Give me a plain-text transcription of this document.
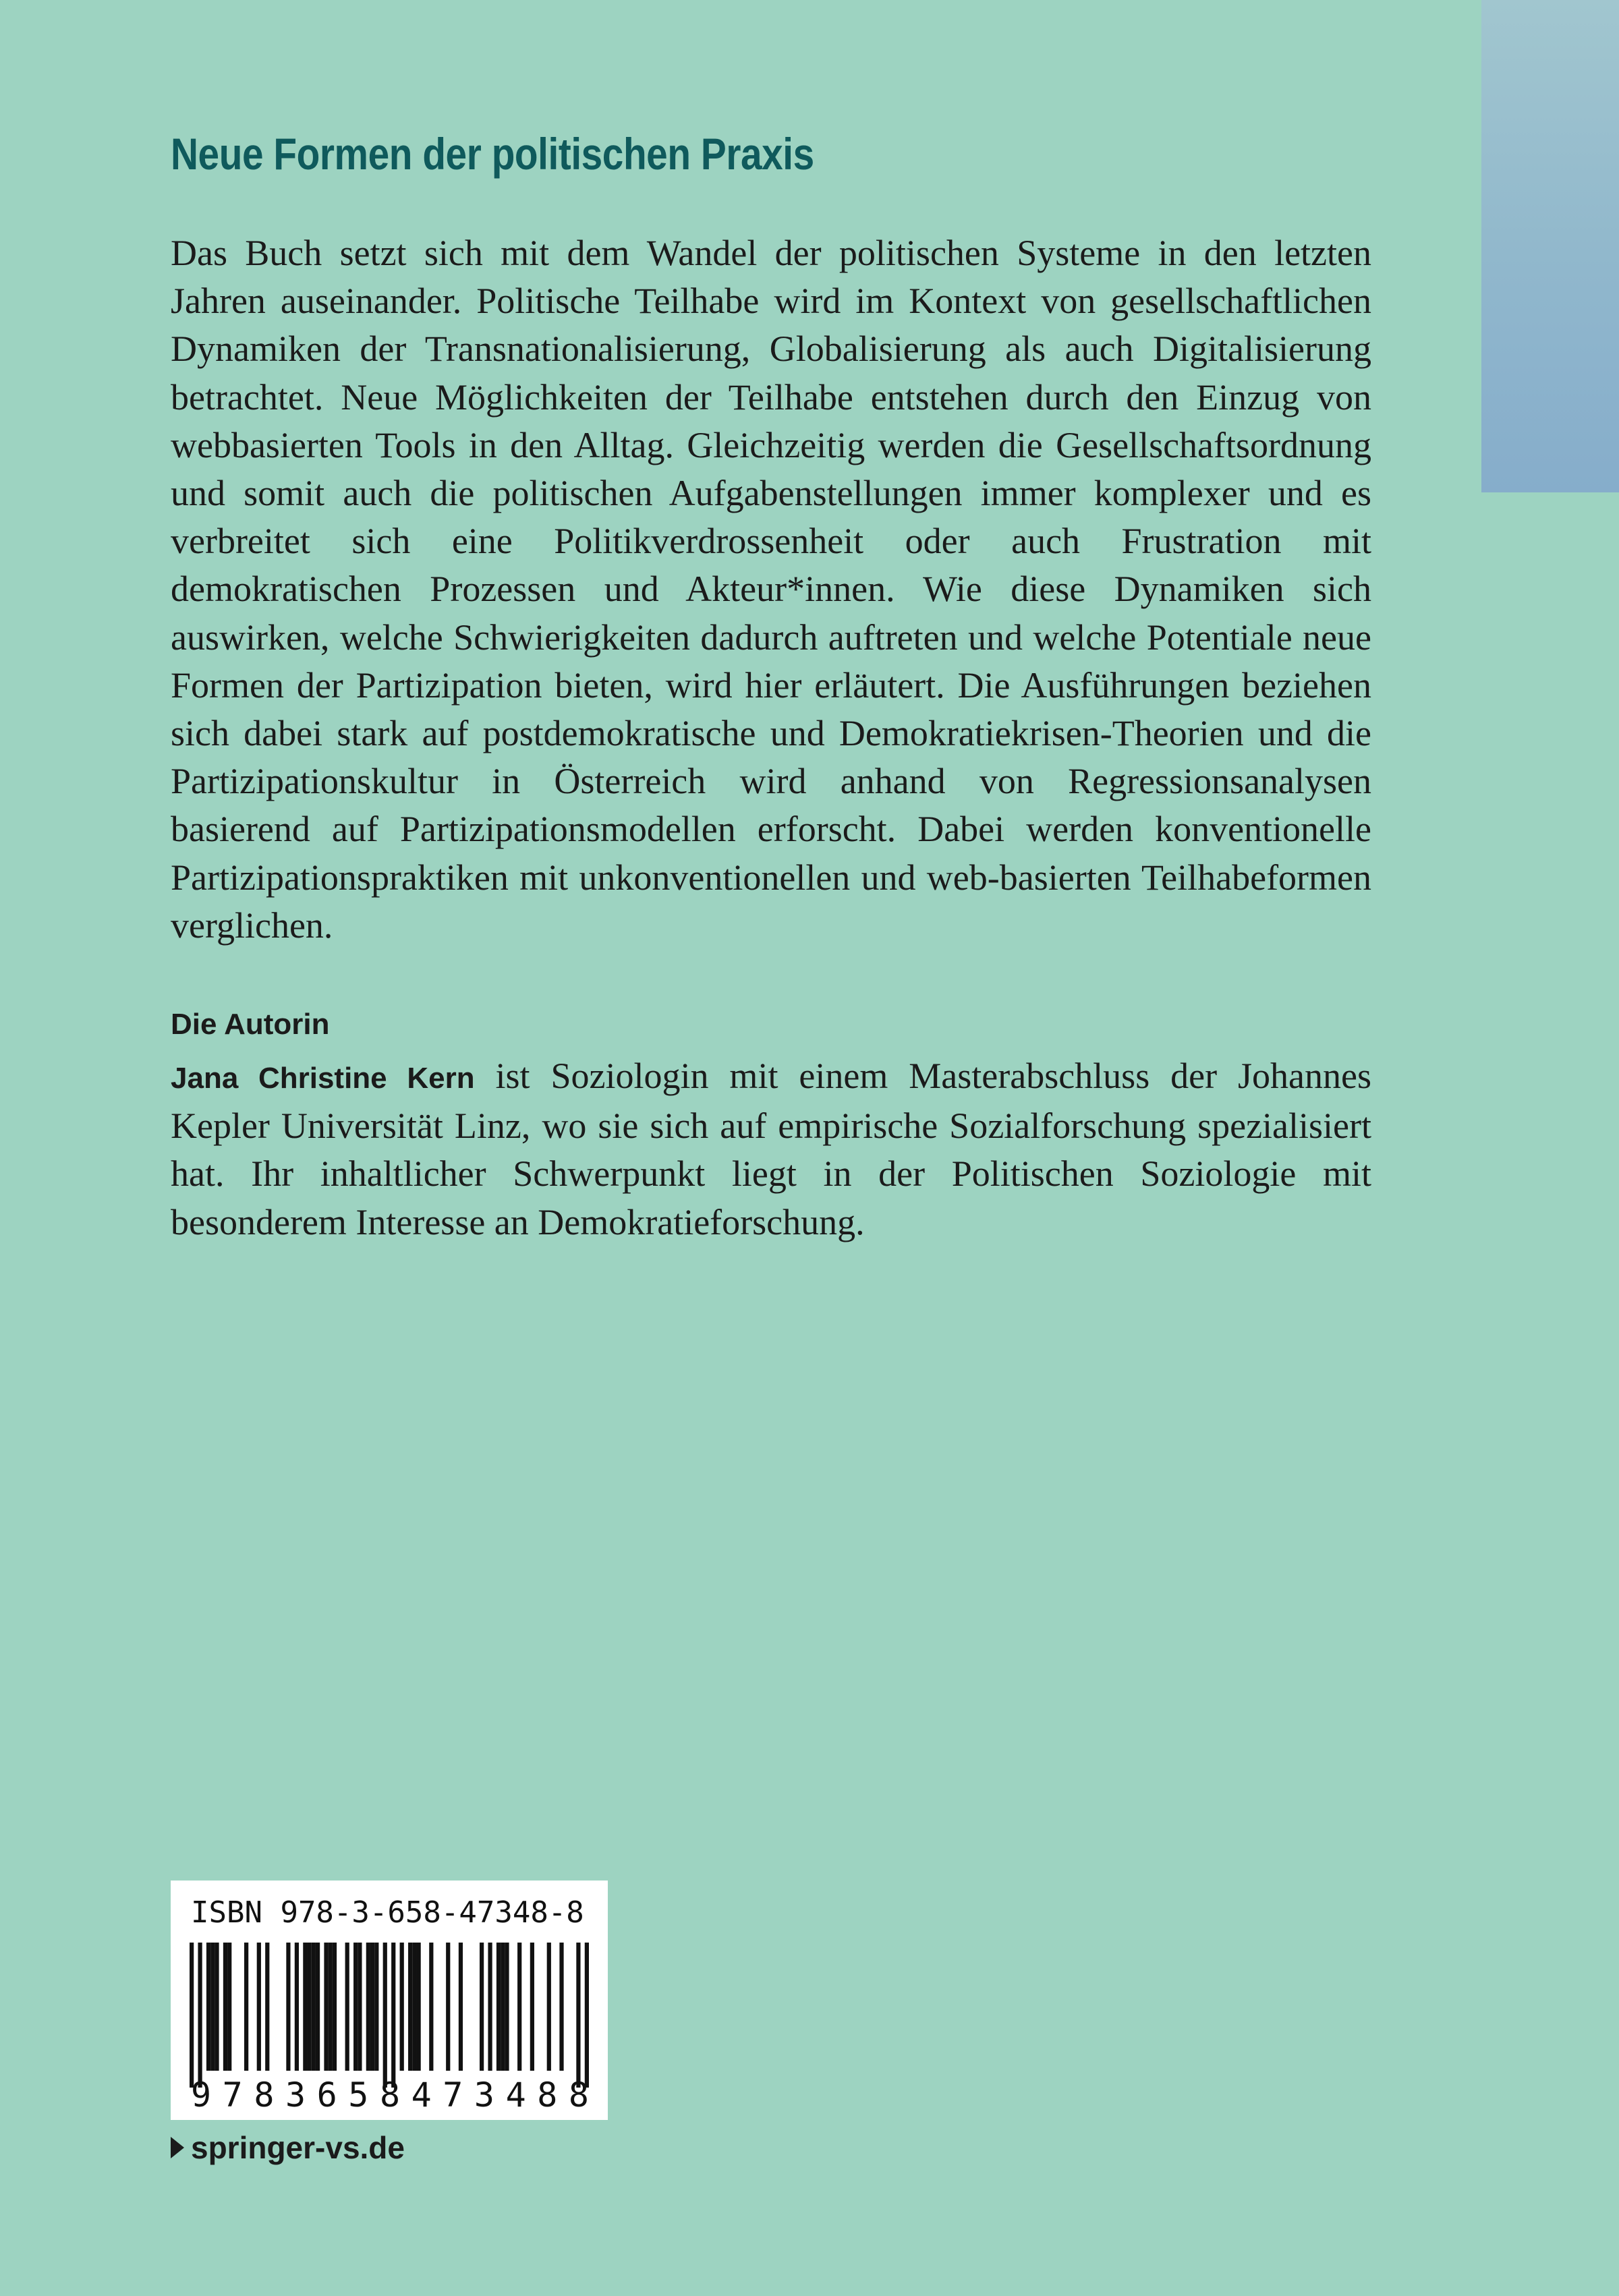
Neue Formen der politischen Praxis

Das Buch setzt sich mit dem Wandel der politischen Systeme in den letzten Jahren auseinander. Politische Teilhabe wird im Kontext von gesellschaftlichen Dynamiken der Transnationalisierung, Globalisierung als auch Digitalisierung betrachtet. Neue Möglichkeiten der Teilhabe entstehen durch den Einzug von webbasierten Tools in den Alltag. Gleichzeitig werden die Gesellschaftsordnung und somit auch die politischen Aufgabenstellungen immer komplexer und es verbreitet sich eine Politikverdrossenheit oder auch Frustration mit demokratischen Prozessen und Akteur*innen. Wie diese Dynamiken sich auswirken, welche Schwierigkeiten dadurch auftreten und welche Potentiale neue Formen der Partizipation bieten, wird hier erläutert. Die Ausführungen beziehen sich dabei stark auf postdemokratische und Demokratiekrisen-Theorien und die Partizipationskultur in Österreich wird anhand von Regressionsanalysen basierend auf Partizipationsmodellen erforscht. Dabei werden konventionelle Partizipationspraktiken mit unkonventionellen und web-basierten Teilhabeformen verglichen.

Die Autorin

Jana Christine Kern ist Soziologin mit einem Masterabschluss der Johannes Kepler Universität Linz, wo sie sich auf empirische Sozialforschung spezialisiert hat. Ihr inhaltlicher Schwerpunkt liegt in der Politischen Soziologie mit besonderem Interesse an Demokratieforschung.

ISBN 978-3-658-47348-8
9 7 8 3 6 5 8 4 7 3 4 8 8
springer-vs.de
